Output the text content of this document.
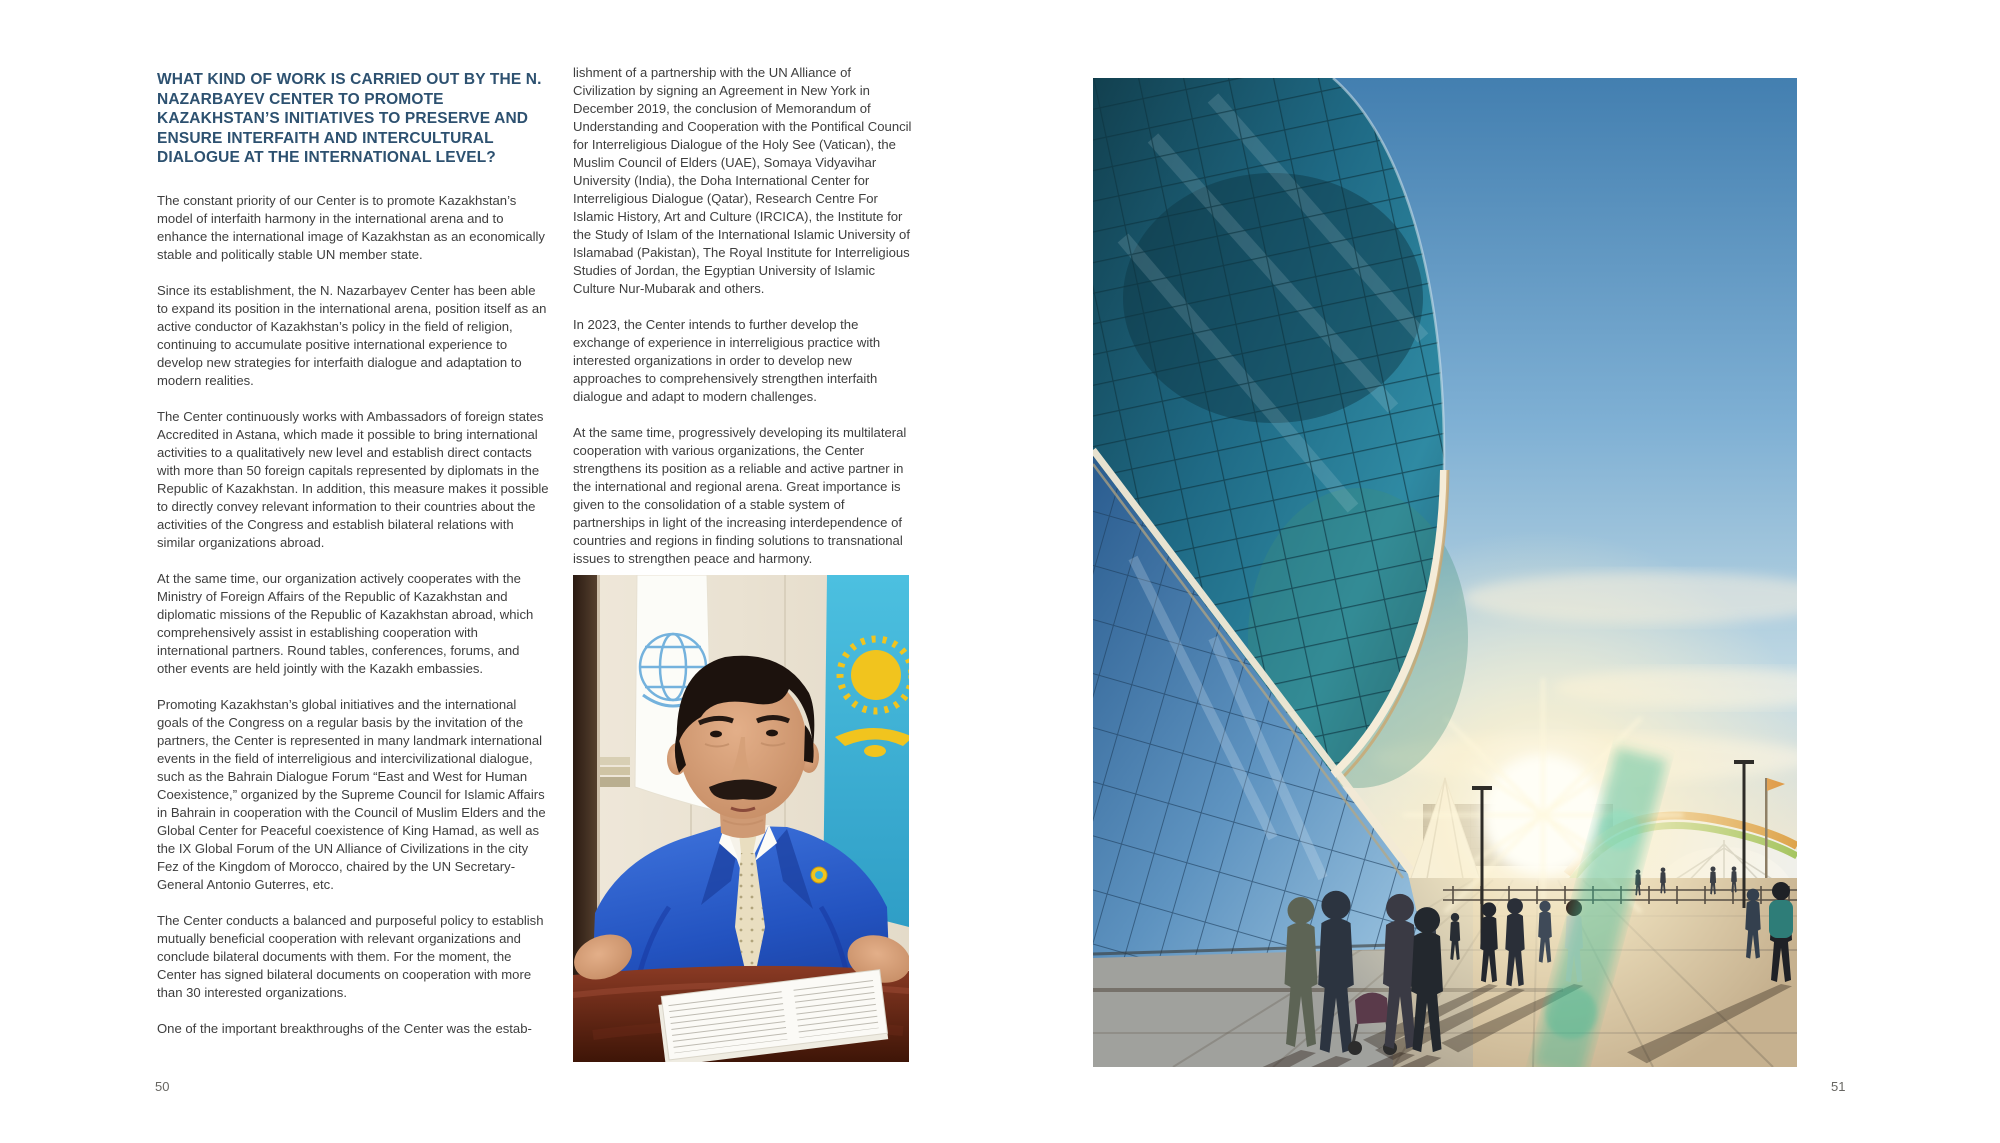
WHAT KIND OF WORK IS CARRIED OUT BY THE N. NAZARBAYEV CENTER TO PROMOTE KAZAKHSTAN’S INITIATIVES TO PRESERVE AND ENSURE INTERFAITH AND INTERCULTURAL DIALOGUE AT THE INTERNATIONAL LEVEL?

The constant priority of our Center is to promote Kazakhstan’s model of interfaith harmony in the international arena and to enhance the international image of Kazakhstan as an economically stable and politically stable UN member state.

Since its establishment, the N. Nazarbayev Center has been able to expand its position in the international arena, position itself as an active conductor of Kazakhstan’s policy in the field of religion, continuing to accumulate positive international experience to develop new strategies for interfaith dialogue and adaptation to modern realities.

The Center continuously works with Ambassadors of foreign states Accredited in Astana, which made it possible to bring international activities to a qualitatively new level and establish direct contacts with more than 50 foreign capitals represented by diplomats in the Republic of Kazakhstan. In addition, this measure makes it possible to directly convey relevant information to their countries about the activities of the Congress and establish bilateral relations with similar organizations abroad.

At the same time, our organization actively cooperates with the Ministry of Foreign Affairs of the Republic of Kazakhstan and diplomatic missions of the Republic of Kazakhstan abroad, which comprehensively assist in establishing cooperation with international partners. Round tables, conferences, forums, and other events are held jointly with the Kazakh embassies.

Promoting Kazakhstan’s global initiatives and the international goals of the Congress on a regular basis by the invitation of the partners, the Center is represented in many landmark international events in the field of interreligious and intercivilizational dialogue, such as the Bahrain Dialogue Forum “East and West for Human Coexistence,” organized by the Supreme Council for Islamic Affairs in Bahrain in cooperation with the Council of Muslim Elders and the Global Center for Peaceful coexistence of King Hamad, as well as the IX Global Forum of the UN Alliance of Civilizations in the city Fez of the Kingdom of Morocco, chaired by the UN Secretary-General Antonio Guterres, etc.

The Center conducts a balanced and purposeful policy to establish mutually beneficial cooperation with relevant organizations and conclude bilateral documents with them. For the moment, the Center has signed bilateral documents on cooperation with more than 30 interested organizations.

One of the important breakthroughs of the Center was the estab-

lishment of a partnership with the UN Alliance of Civilization by signing an Agreement in New York in December 2019, the conclusion of Memorandum of Understanding and Cooperation with the Pontifical Council for Interreligious Dialogue of the Holy See (Vatican), the Muslim Council of Elders (UAE), Somaya Vidyavihar University (India), the Doha International Center for Interreligious Dialogue (Qatar), Research Centre For Islamic History, Art and Culture (IRCICA), the Institute for the Study of Islam of the International Islamic University of Islamabad (Pakistan), The Royal Institute for Interreligious Studies of Jordan, the Egyptian University of Islamic Culture Nur-Mubarak and others.

In 2023, the Center intends to further develop the exchange of experience in interreligious practice with interested organizations in order to develop new approaches to comprehensively strengthen interfaith dialogue and adapt to modern challenges.

At the same time, progressively developing its multilateral cooperation with various organizations, the Center strengthens its position as a reliable and active partner in the international and regional arena. Great importance is given to the consolidation of a stable system of partnerships in light of the increasing interdependence of countries and regions in finding solutions to transnational issues to strengthen peace and harmony.

50	51
